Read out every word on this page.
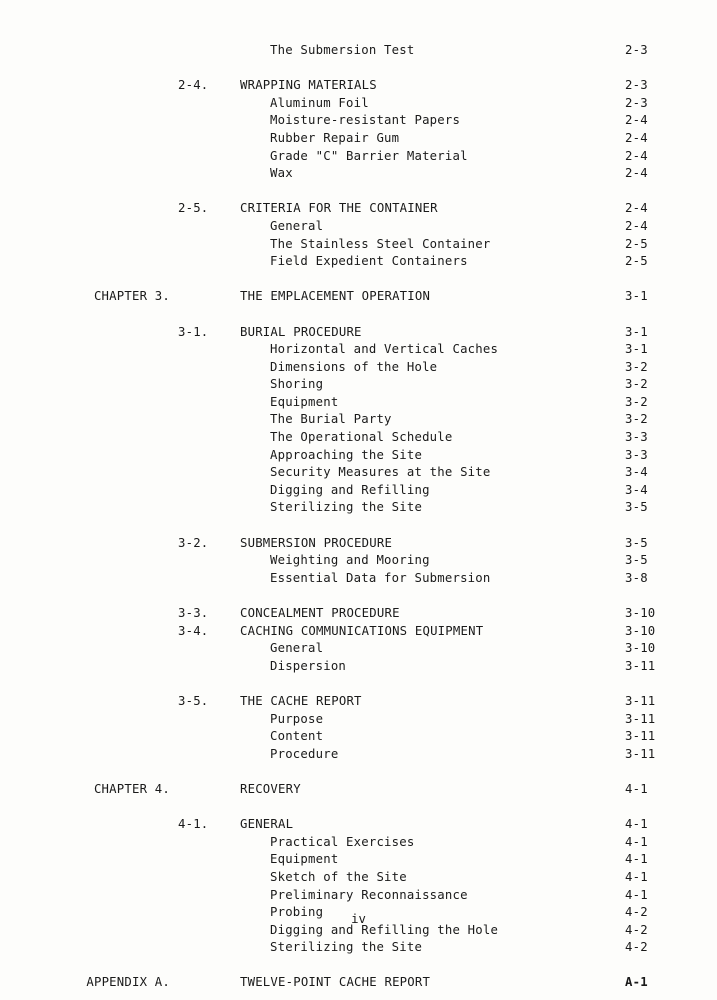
The Submersion Test	2-3
2-4.	WRAPPING MATERIALS	2-3
Aluminum Foil	2-3
Moisture-resistant Papers	2-4
Rubber Repair Gum	2-4
Grade "C" Barrier Material	2-4
Wax	2-4
2-5.	CRITERIA FOR THE CONTAINER	2-4
General	2-4
The Stainless Steel Container	2-5
Field Expedient Containers	2-5
CHAPTER 3.	THE EMPLACEMENT OPERATION	3-1
3-1.	BURIAL PROCEDURE	3-1
Horizontal and Vertical Caches	3-1
Dimensions of the Hole	3-2
Shoring	3-2
Equipment	3-2
The Burial Party	3-2
The Operational Schedule	3-3
Approaching the Site	3-3
Security Measures at the Site	3-4
Digging and Refilling	3-4
Sterilizing the Site	3-5
3-2.	SUBMERSION PROCEDURE	3-5
Weighting and Mooring	3-5
Essential Data for Submersion	3-8
3-3.	CONCEALMENT PROCEDURE	3-10
3-4.	CACHING COMMUNICATIONS EQUIPMENT	3-10
General	3-10
Dispersion	3-11
3-5.	THE CACHE REPORT	3-11
Purpose	3-11
Content	3-11
Procedure	3-11
CHAPTER 4.	RECOVERY	4-1
4-1.	GENERAL	4-1
Practical Exercises	4-1
Equipment	4-1
Sketch of the Site	4-1
Preliminary Reconnaissance	4-1
Probing	4-2
Digging and Refilling the Hole	4-2
Sterilizing the Site	4-2
APPENDIX A.	TWELVE-POINT CACHE REPORT	A-1
iv
